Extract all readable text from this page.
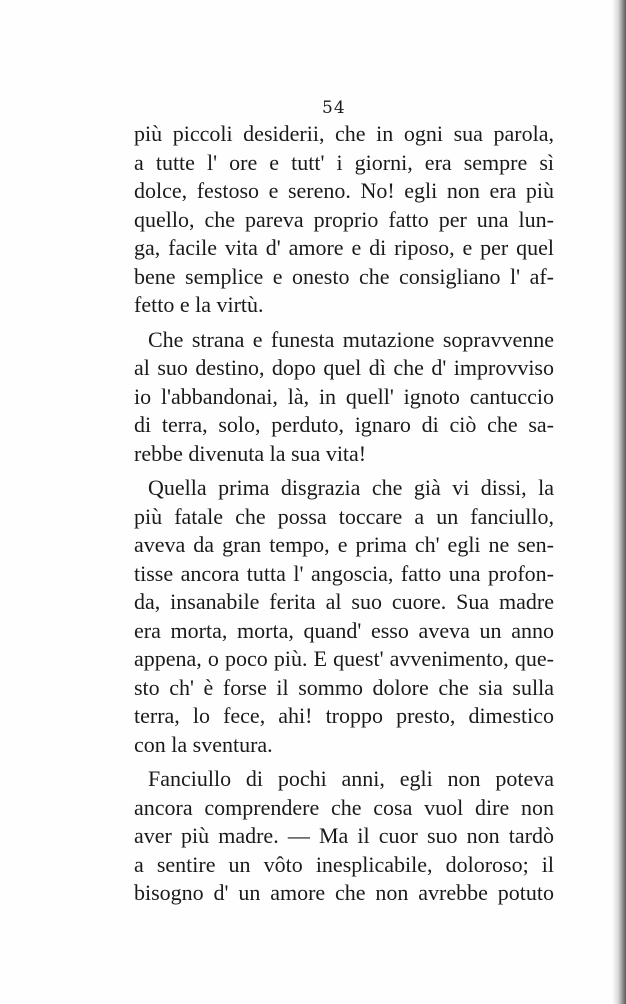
54
più piccoli desiderii, che in ogni sua parola,
a tutte l' ore e tutt' i giorni, era sempre sì
dolce, festoso e sereno. No! egli non era più
quello, che pareva proprio fatto per una lun-
ga, facile vita d' amore e di riposo, e per quel
bene semplice e onesto che consigliano l' af-
fetto e la virtù.
Che strana e funesta mutazione sopravvenne
al suo destino, dopo quel dì che d' improvviso
io l'abbandonai, là, in quell' ignoto cantuccio
di terra, solo, perduto, ignaro di ciò che sa-
rebbe divenuta la sua vita!
Quella prima disgrazia che già vi dissi, la
più fatale che possa toccare a un fanciullo,
aveva da gran tempo, e prima ch' egli ne sen-
tisse ancora tutta l' angoscia, fatto una profon-
da, insanabile ferita al suo cuore. Sua madre
era morta, morta, quand' esso aveva un anno
appena, o poco più. E quest' avvenimento, que-
sto ch' è forse il sommo dolore che sia sulla
terra, lo fece, ahi! troppo presto, dimestico
con la sventura.
Fanciullo di pochi anni, egli non poteva
ancora comprendere che cosa vuol dire non
aver più madre. — Ma il cuor suo non tardò
a sentire un vôto inesplicabile, doloroso; il
bisogno d' un amore che non avrebbe potuto
